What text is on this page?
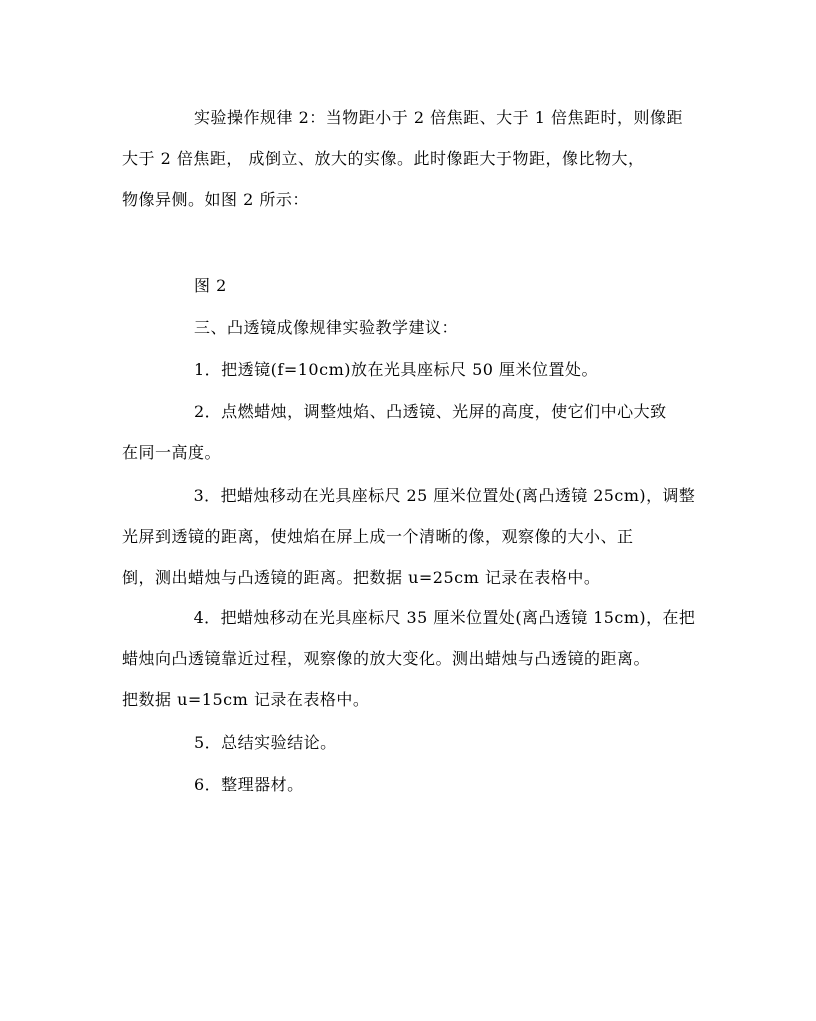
实验操作规律 2：当物距小于 2 倍焦距、大于 1 倍焦距时，则像距
大于 2 倍焦距， 成倒立、放大的实像。此时像距大于物距，像比物大，
物像异侧。如图 2 所示：
图 2
三、凸透镜成像规律实验教学建议：
1．把透镜(f=10cm)放在光具座标尺 50 厘米位置处。
2．点燃蜡烛，调整烛焰、凸透镜、光屏的高度，使它们中心大致
在同一高度。
3．把蜡烛移动在光具座标尺 25 厘米位置处(离凸透镜 25cm)，调整
光屏到透镜的距离，使烛焰在屏上成一个清晰的像，观察像的大小、正
倒，测出蜡烛与凸透镜的距离。把数据 u=25cm 记录在表格中。
4．把蜡烛移动在光具座标尺 35 厘米位置处(离凸透镜 15cm)，在把
蜡烛向凸透镜靠近过程，观察像的放大变化。测出蜡烛与凸透镜的距离。
把数据 u=15cm 记录在表格中。
5．总结实验结论。
6．整理器材。
